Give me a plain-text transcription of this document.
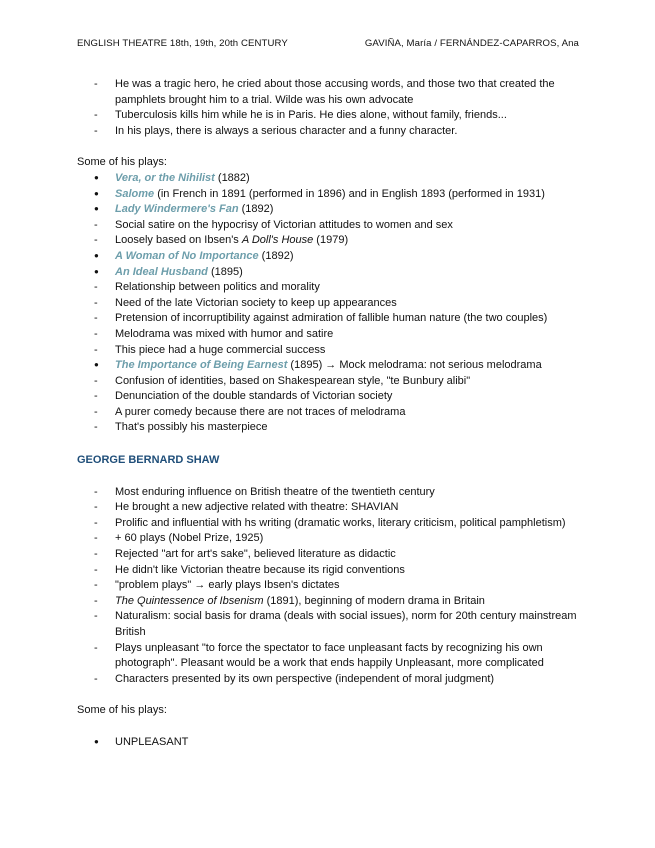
ENGLISH THEATRE 18th, 19th, 20th CENTURY	GAVIÑA, María / FERNÁNDEZ-CAPARROS, Ana
-
He was a tragic hero, he cried about those accusing words, and those two that created the pamphlets brought him to a trial. Wilde was his own advocate
-
Tuberculosis kills him while he is in Paris. He dies alone, without family, friends...
-
In his plays, there is always a serious character and a funny character.
Some of his plays:
●
Vera, or the Nihilist (1882)
●
Salome (in French in 1891 (performed in 1896) and in English 1893 (performed in 1931)
●
Lady Windermere's Fan (1892)
-
Social satire on the hypocrisy of Victorian attitudes to women and sex
-
Loosely based on Ibsen's A Doll's House (1979)
●
A Woman of No Importance (1892)
●
An Ideal Husband (1895)
-
Relationship between politics and morality
-
Need of the late Victorian society to keep up appearances
-
Pretension of incorruptibility against admiration of fallible human nature (the two couples)
-
Melodrama was mixed with humor and satire
-
This piece had a huge commercial success
●
The Importance of Being Earnest (1895) → Mock melodrama: not serious melodrama
-
Confusion of identities, based on Shakespearean style, "te Bunbury alibi"
-
Denunciation of the double standards of Victorian society
-
A purer comedy because there are not traces of melodrama
-
That's possibly his masterpiece
GEORGE BERNARD SHAW
-
Most enduring influence on British theatre of the twentieth century
-
He brought a new adjective related with theatre: SHAVIAN
-
Prolific and influential with hs writing (dramatic works, literary criticism, political pamphletism)
-
+ 60 plays (Nobel Prize, 1925)
-
Rejected "art for art's sake", believed literature as didactic
-
He didn't like Victorian theatre because its rigid conventions
-
"problem plays" → early plays Ibsen's dictates
-
The Quintessence of Ibsenism (1891), beginning of modern drama in Britain
-
Naturalism: social basis for drama (deals with social issues), norm for 20th century mainstream British
-
Plays unpleasant "to force the spectator to face unpleasant facts by recognizing his own photograph". Pleasant would be a work that ends happily Unpleasant, more complicated
-
Characters presented by its own perspective (independent of moral judgment)
Some of his plays:
●
UNPLEASANT
